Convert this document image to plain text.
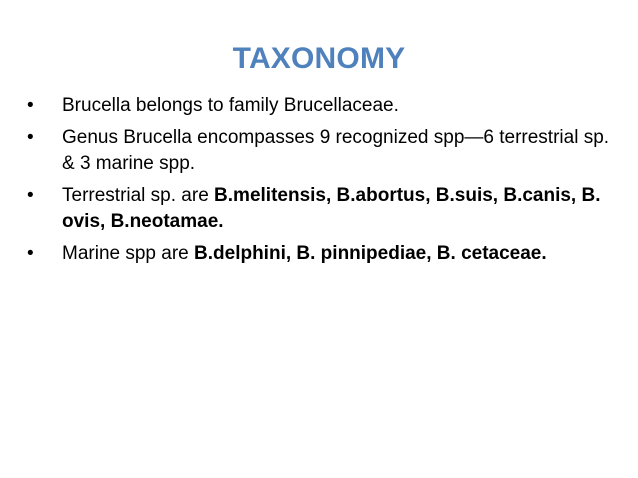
TAXONOMY
•	Brucella belongs to family Brucellaceae.
•	Genus Brucella encompasses 9 recognized spp—6 terrestrial sp. & 3 marine spp.
•	Terrestrial sp. are B.melitensis, B.abortus, B.suis, B.canis, B. ovis, B.neotamae.
•	Marine spp are B.delphini, B. pinnipediae, B. cetaceae.
